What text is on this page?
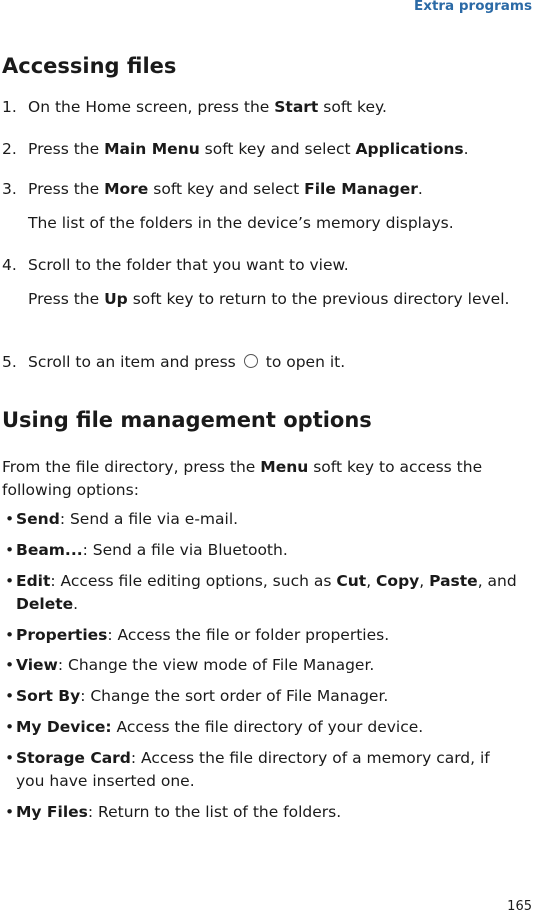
Extra programs
Accessing files
1. On the Home screen, press the Start soft key.
2. Press the Main Menu soft key and select Applications.
3. Press the More soft key and select File Manager.
The list of the folders in the device’s memory displays.
4. Scroll to the folder that you want to view.
Press the Up soft key to return to the previous directory level.
5. Scroll to an item and press to open it.
Using file management options
From the file directory, press the Menu soft key to access the following options:
• Send: Send a file via e-mail.
• Beam...: Send a file via Bluetooth.
• Edit: Access file editing options, such as Cut, Copy, Paste, and Delete.
• Properties: Access the file or folder properties.
• View: Change the view mode of File Manager.
• Sort By: Change the sort order of File Manager.
• My Device: Access the file directory of your device.
• Storage Card: Access the file directory of a memory card, if you have inserted one.
• My Files: Return to the list of the folders.
165
